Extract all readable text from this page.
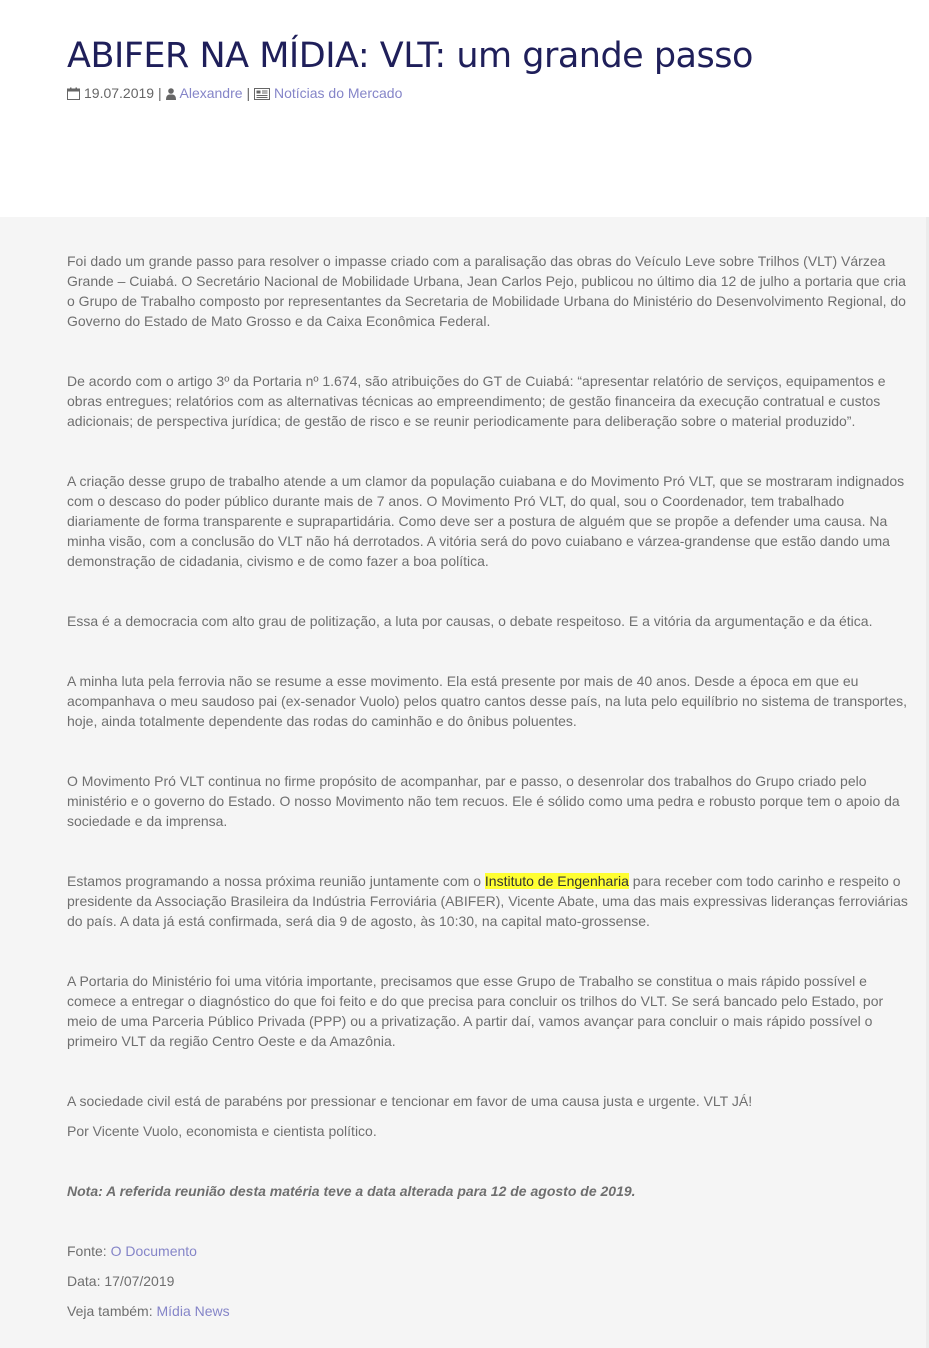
ABIFER NA MÍDIA: VLT: um grande passo
19.07.2019 | Alexandre | Notícias do Mercado

Foi dado um grande passo para resolver o impasse criado com a paralisação das obras do Veículo Leve sobre Trilhos (VLT) Várzea Grande – Cuiabá. O Secretário Nacional de Mobilidade Urbana, Jean Carlos Pejo, publicou no último dia 12 de julho a portaria que cria o Grupo de Trabalho composto por representantes da Secretaria de Mobilidade Urbana do Ministério do Desenvolvimento Regional, do Governo do Estado de Mato Grosso e da Caixa Econômica Federal.

De acordo com o artigo 3º da Portaria nº 1.674, são atribuições do GT de Cuiabá: “apresentar relatório de serviços, equipamentos e obras entregues; relatórios com as alternativas técnicas ao empreendimento; de gestão financeira da execução contratual e custos adicionais; de perspectiva jurídica; de gestão de risco e se reunir periodicamente para deliberação sobre o material produzido”.

A criação desse grupo de trabalho atende a um clamor da população cuiabana e do Movimento Pró VLT, que se mostraram indignados com o descaso do poder público durante mais de 7 anos. O Movimento Pró VLT, do qual, sou o Coordenador, tem trabalhado diariamente de forma transparente e suprapartidária. Como deve ser a postura de alguém que se propõe a defender uma causa. Na minha visão, com a conclusão do VLT não há derrotados. A vitória será do povo cuiabano e várzea-grandense que estão dando uma demonstração de cidadania, civismo e de como fazer a boa política.

Essa é a democracia com alto grau de politização, a luta por causas, o debate respeitoso. E a vitória da argumentação e da ética.

A minha luta pela ferrovia não se resume a esse movimento. Ela está presente por mais de 40 anos. Desde a época em que eu acompanhava o meu saudoso pai (ex-senador Vuolo) pelos quatro cantos desse país, na luta pelo equilíbrio no sistema de transportes, hoje, ainda totalmente dependente das rodas do caminhão e do ônibus poluentes.

O Movimento Pró VLT continua no firme propósito de acompanhar, par e passo, o desenrolar dos trabalhos do Grupo criado pelo ministério e o governo do Estado. O nosso Movimento não tem recuos. Ele é sólido como uma pedra e robusto porque tem o apoio da sociedade e da imprensa.

Estamos programando a nossa próxima reunião juntamente com o Instituto de Engenharia para receber com todo carinho e respeito o presidente da Associação Brasileira da Indústria Ferroviária (ABIFER), Vicente Abate, uma das mais expressivas lideranças ferroviárias do país. A data já está confirmada, será dia 9 de agosto, às 10:30, na capital mato-grossense.

A Portaria do Ministério foi uma vitória importante, precisamos que esse Grupo de Trabalho se constitua o mais rápido possível e comece a entregar o diagnóstico do que foi feito e do que precisa para concluir os trilhos do VLT. Se será bancado pelo Estado, por meio de uma Parceria Público Privada (PPP) ou a privatização. A partir daí, vamos avançar para concluir o mais rápido possível o primeiro VLT da região Centro Oeste e da Amazônia.

A sociedade civil está de parabéns por pressionar e tencionar em favor de uma causa justa e urgente. VLT JÁ!

Por Vicente Vuolo, economista e cientista político.

Nota: A referida reunião desta matéria teve a data alterada para 12 de agosto de 2019.

Fonte: O Documento

Data: 17/07/2019

Veja também: Mídia News
